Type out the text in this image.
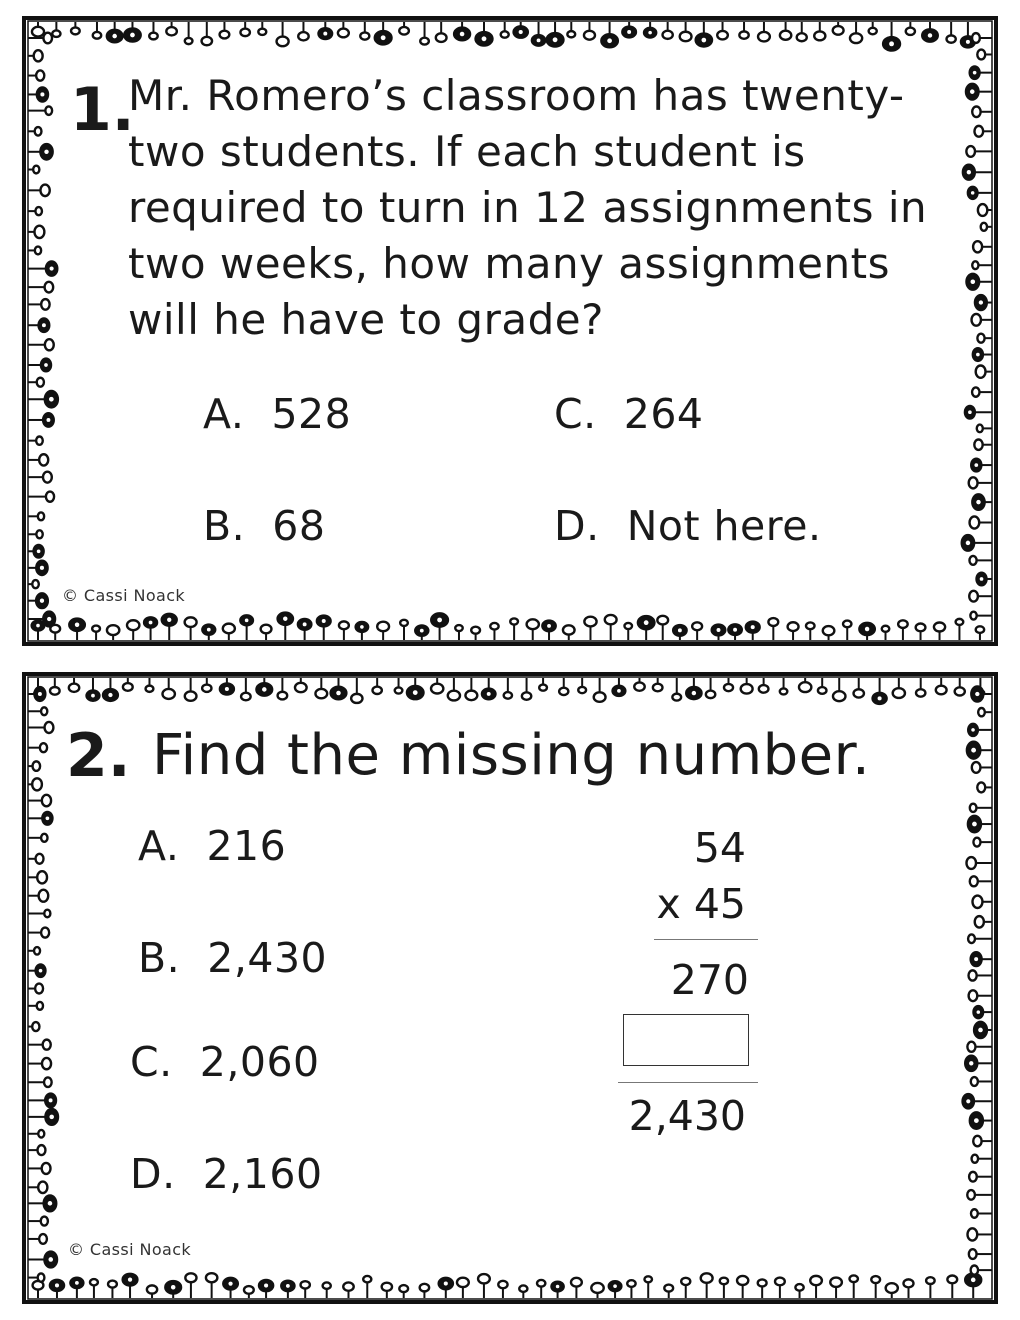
1.
Mr. Romero’s classroom has twenty-two students. If each student is required to turn in 12 assignments in two weeks, how many assignments will he have to grade?
A. 528	C. 264
B. 68	D. Not here.
© Cassi Noack
2. Find the missing number.
A. 216
B. 2,430
C. 2,060
D. 2,160
54
x 45
270
2,430
© Cassi Noack
